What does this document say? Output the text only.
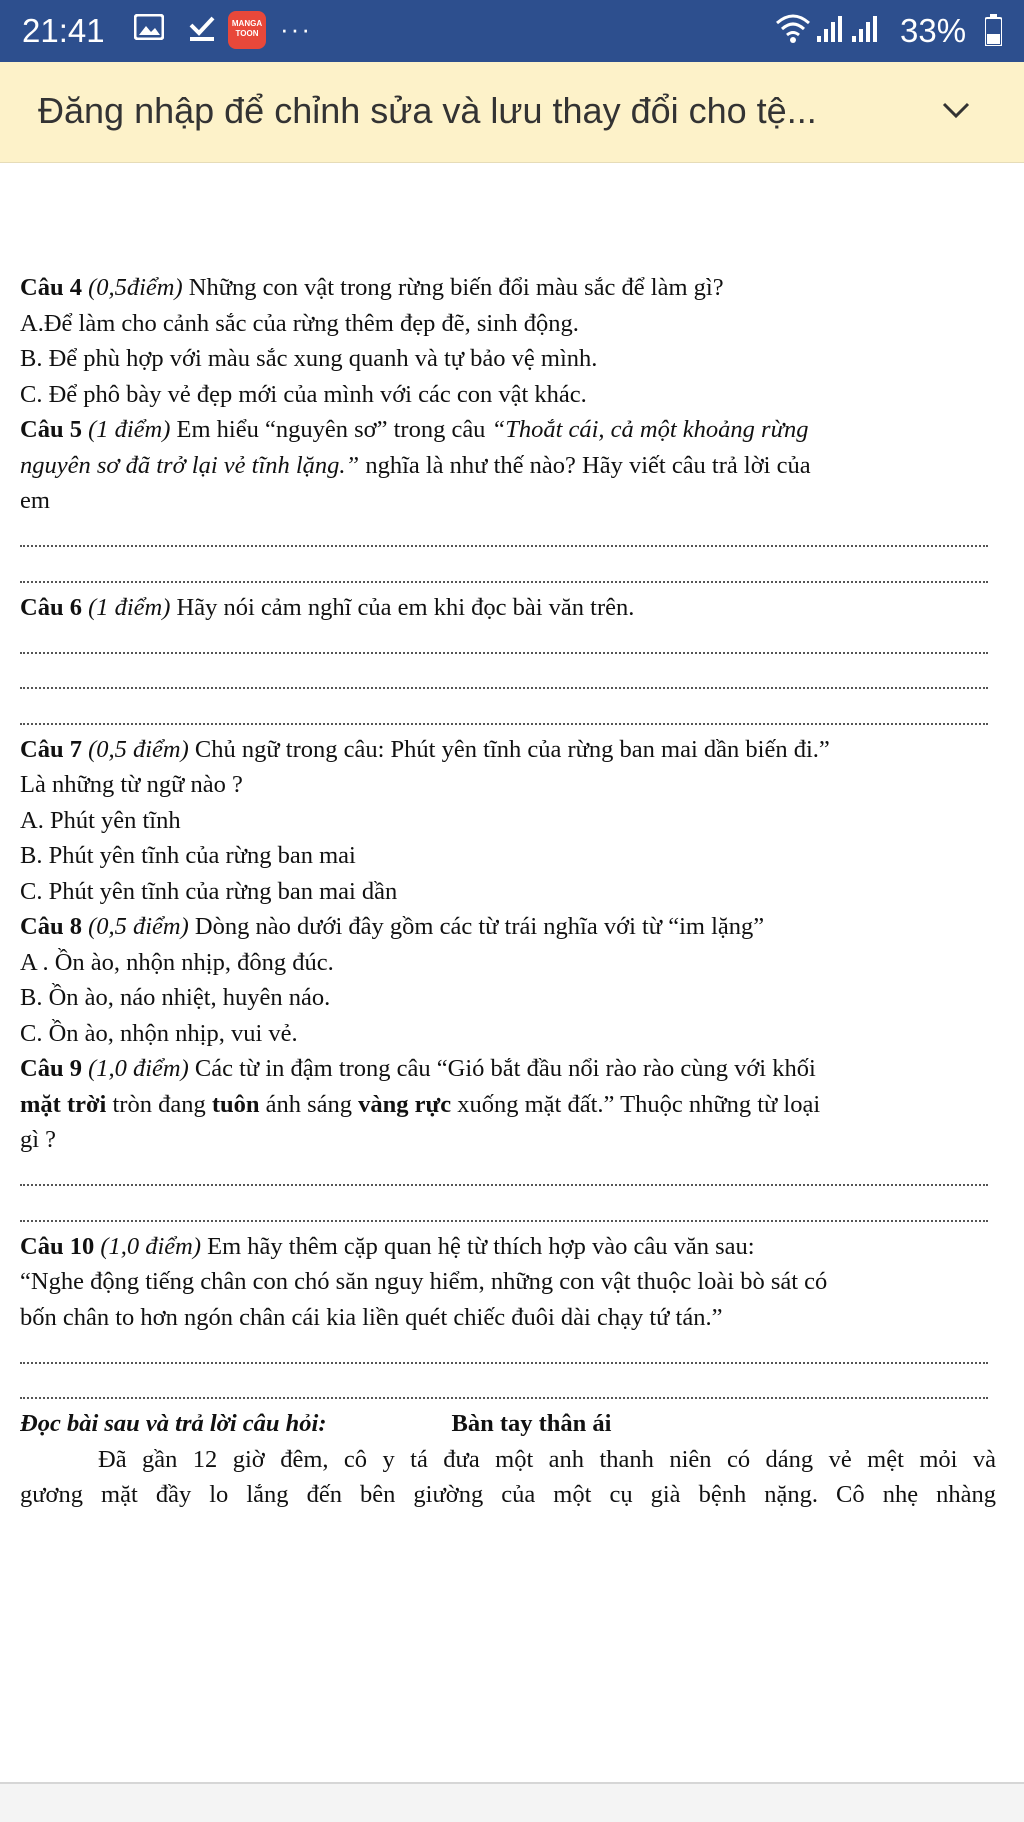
21:41	MANGA TOON ···	33%
Đăng nhập để chỉnh sửa và lưu thay đổi cho tệ...
Câu 4 (0,5điểm) Những con vật trong rừng biến đổi màu sắc để làm gì?
A.Để làm cho cảnh sắc của rừng thêm đẹp đẽ, sinh động.
B. Để phù hợp với màu sắc xung quanh và tự bảo vệ mình.
C. Để phô bày vẻ đẹp mới của mình với các con vật khác.
Câu 5 (1 điểm) Em hiểu “nguyên sơ” trong câu “Thoắt cái, cả một khoảng rừng
nguyên sơ đã trở lại vẻ tĩnh lặng.” nghĩa là như thế nào? Hãy viết câu trả lời của
em
Câu 6 (1 điểm) Hãy nói cảm nghĩ của em khi đọc bài văn trên.
Câu 7 (0,5 điểm) Chủ ngữ trong câu: Phút yên tĩnh của rừng ban mai dần biến đi.”
Là những từ ngữ nào ?
A. Phút yên tĩnh
B. Phút yên tĩnh của rừng ban mai
C. Phút yên tĩnh của rừng ban mai dần
Câu 8 (0,5 điểm) Dòng nào dưới đây gồm các từ trái nghĩa với từ “im lặng”
A . Ồn ào, nhộn nhịp, đông đúc.
B. Ồn ào, náo nhiệt, huyên náo.
C. Ồn ào, nhộn nhịp, vui vẻ.
Câu 9 (1,0 điểm) Các từ in đậm trong câu “Gió bắt đầu nổi rào rào cùng với khối
mặt trời tròn đang tuôn ánh sáng vàng rực xuống mặt đất.” Thuộc những từ loại
gì ?
Câu 10 (1,0 điểm) Em hãy thêm cặp quan hệ từ thích hợp vào câu văn sau:
“Nghe động tiếng chân con chó săn nguy hiểm, những con vật thuộc loài bò sát có
bốn chân to hơn ngón chân cái kia liền quét chiếc đuôi dài chạy tứ tán.”
Đọc bài sau và trả lời câu hỏi:	Bàn tay thân ái
Đã gần 12 giờ đêm, cô y tá đưa một anh thanh niên có dáng vẻ mệt mỏi và
gương mặt đầy lo lắng đến bên giường của một cụ già bệnh nặng. Cô nhẹ nhàng
